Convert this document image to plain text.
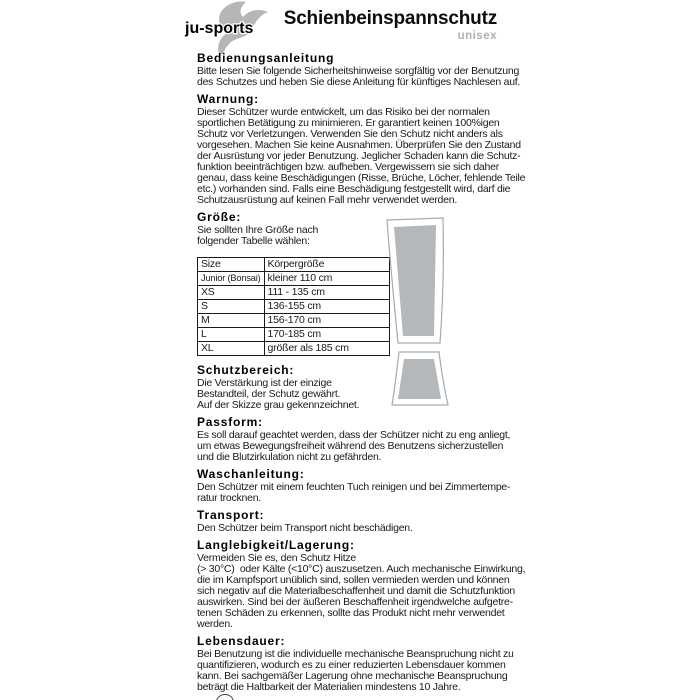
ju-sports	Schienbeinspannschutz
unisex
Bedienungsanleitung
Bitte lesen Sie folgende Sicherheitshinweise sorgfältig vor der Benutzung
des Schutzes und heben Sie diese Anleitung für künftiges Nachlesen auf.
Warnung:
Dieser Schützer wurde entwickelt, um das Risiko bei der normalen
sportlichen Betätigung zu minimieren. Er garantiert keinen 100%igen
Schutz vor Verletzungen. Verwenden Sie den Schutz nicht anders als
vorgesehen. Machen Sie keine Ausnahmen. Überprüfen Sie den Zustand
der Ausrüstung vor jeder Benutzung. Jeglicher Schaden kann die Schutz-
funktion beeinträchtigen bzw. aufheben. Vergewissern sie sich daher
genau, dass keine Beschädigungen (Risse, Brüche, Löcher, fehlende Teile
etc.) vorhanden sind. Falls eine Beschädigung festgestellt wird, darf die
Schutzausrüstung auf keinen Fall mehr verwendet werden.
Größe:
Sie sollten Ihre Größe nach
folgender Tabelle wählen:
Size	Körpergröße
Junior (Bonsai)	kleiner 110 cm
XS	111 - 135 cm
S	136-155 cm
M	156-170 cm
L	170-185 cm
XL	größer als 185 cm
Schutzbereich:
Die Verstärkung ist der einzige
Bestandteil, der Schutz gewährt.
Auf der Skizze grau gekennzeichnet.
Passform:
Es soll darauf geachtet werden, dass der Schützer nicht zu eng anliegt,
um etwas Bewegungsfreiheit während des Benutzens sicherzustellen
und die Blutzirkulation nicht zu gefährden.
Waschanleitung:
Den Schützer mit einem feuchten Tuch reinigen und bei Zimmertempe-
ratur trocknen.
Transport:
Den Schützer beim Transport nicht beschädigen.
Langlebigkeit/Lagerung:
Vermeiden Sie es, den Schutz Hitze
(> 30°C)  oder Kälte (<10°C) auszusetzen. Auch mechanische Einwirkung,
die im Kampfsport unüblich sind, sollen vermieden werden und können
sich negativ auf die Materialbeschaffenheit und damit die Schutzfunktion
auswirken. Sind bei der äußeren Beschaffenheit irgendwelche aufgetre-
tenen Schäden zu erkennen, sollte das Produkt nicht mehr verwendet
werden.
Lebensdauer:
Bei Benutzung ist die individuelle mechanische Beanspruchung nicht zu
quantifizieren, wodurch es zu einer reduzierten Lebensdauer kommen
kann. Bei sachgemäßer Lagerung ohne mechanische Beanspruchung
beträgt die Haltbarkeit der Materialien mindestens 10 Jahre.
